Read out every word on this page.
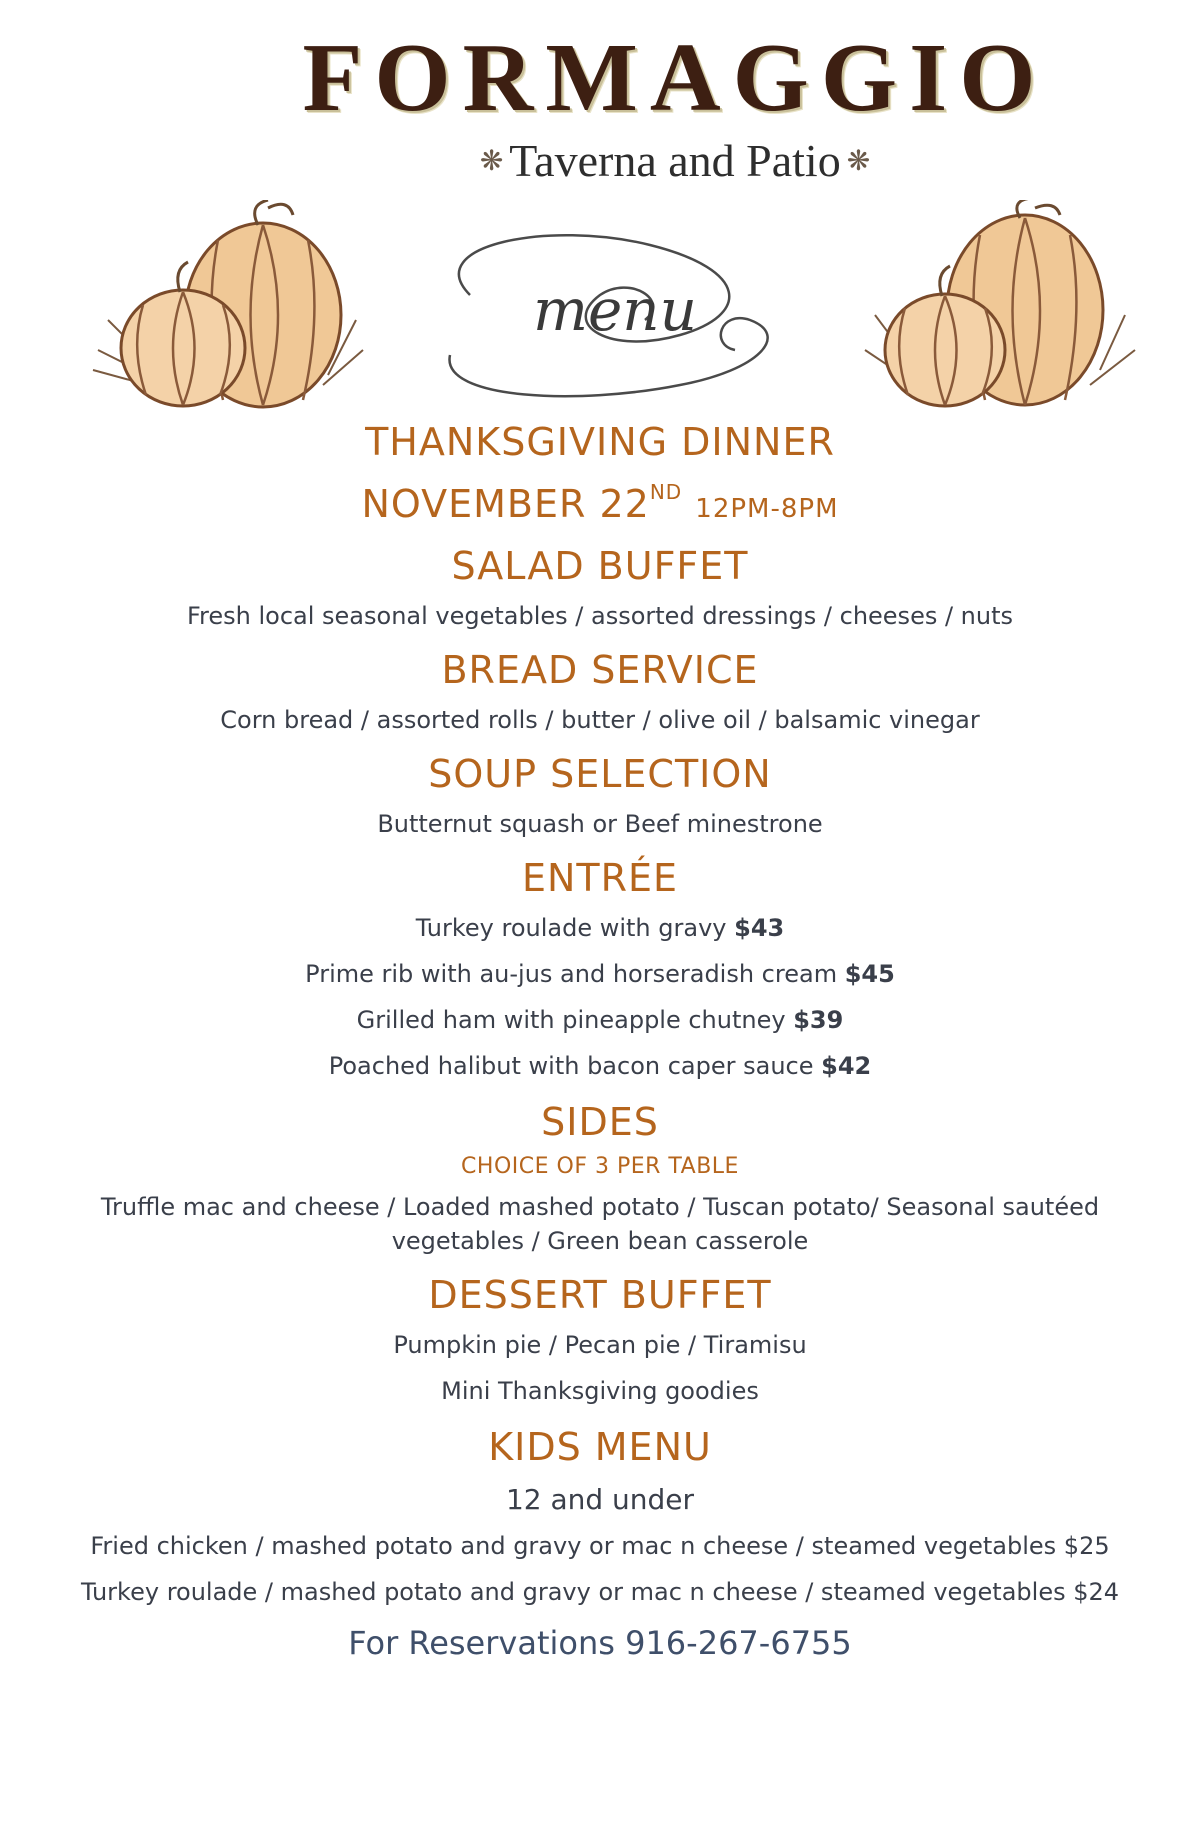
FORMAGGIO
❋ Taverna and Patio ❋
menu
THANKSGIVING DINNER
NOVEMBER 22ND 12PM-8PM
SALAD BUFFET
Fresh local seasonal vegetables / assorted dressings / cheeses / nuts
BREAD SERVICE
Corn bread / assorted rolls / butter / olive oil / balsamic vinegar
SOUP SELECTION
Butternut squash or Beef minestrone
ENTRÉE
Turkey roulade with gravy $43
Prime rib with au-jus and horseradish cream $45
Grilled ham with pineapple chutney $39
Poached halibut with bacon caper sauce $42
SIDES
CHOICE OF 3 PER TABLE
Truffle mac and cheese / Loaded mashed potato / Tuscan potato/ Seasonal sautéed
vegetables / Green bean casserole
DESSERT BUFFET
Pumpkin pie / Pecan pie / Tiramisu
Mini Thanksgiving goodies
KIDS MENU
12 and under
Fried chicken / mashed potato and gravy or mac n cheese / steamed vegetables $25
Turkey roulade / mashed potato and gravy or mac n cheese / steamed vegetables $24
For Reservations 916-267-6755
